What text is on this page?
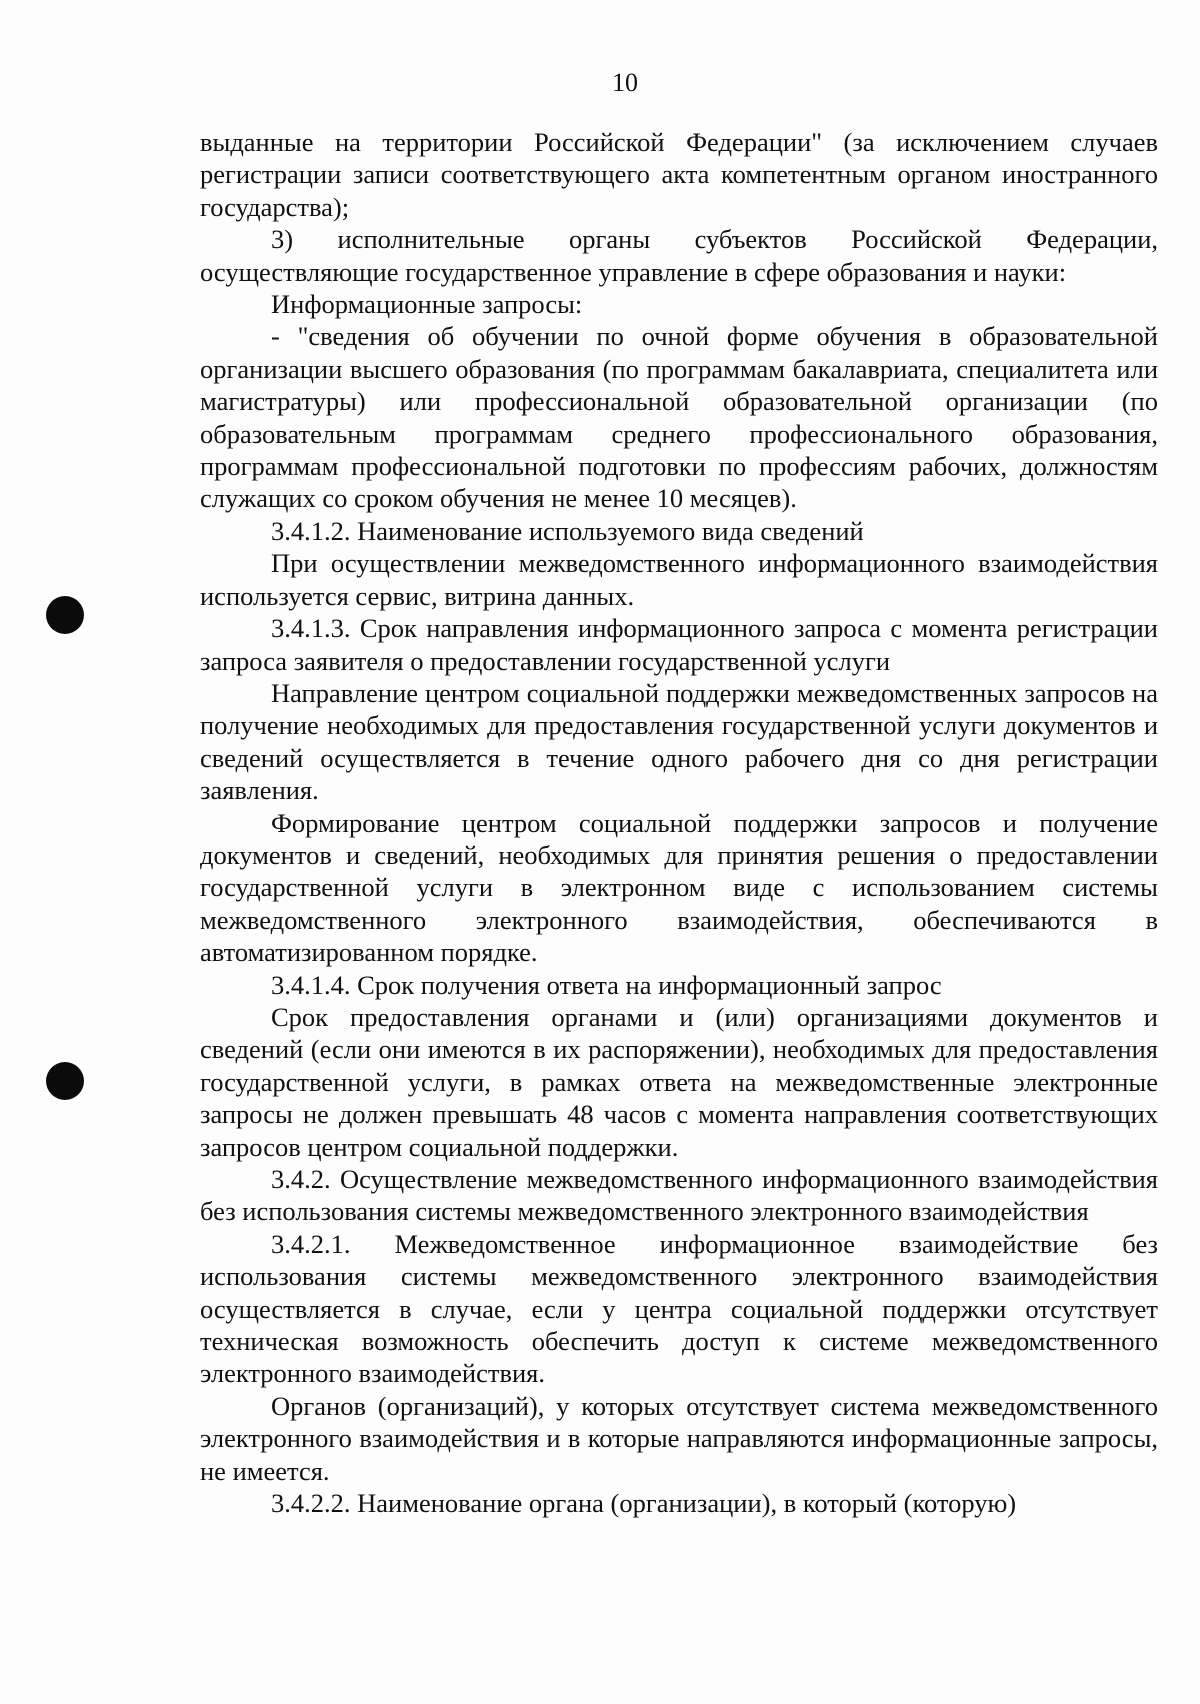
10

выданные на территории Российской Федерации" (за исключением случаев регистрации записи соответствующего акта компетентным органом иностранного государства);

3) исполнительные органы субъектов Российской Федерации, осуществляющие государственное управление в сфере образования и науки:

Информационные запросы:

- "сведения об обучении по очной форме обучения в образовательной организации высшего образования (по программам бакалавриата, специалитета или магистратуры) или профессиональной образовательной организации (по образовательным программам среднего профессионального образования, программам профессиональной подготовки по профессиям рабочих, должностям служащих со сроком обучения не менее 10 месяцев).

3.4.1.2. Наименование используемого вида сведений

При осуществлении межведомственного информационного взаимодействия используется сервис, витрина данных.

3.4.1.3. Срок направления информационного запроса с момента регистрации запроса заявителя о предоставлении государственной услуги

Направление центром социальной поддержки межведомственных запросов на получение необходимых для предоставления государственной услуги документов и сведений осуществляется в течение одного рабочего дня со дня регистрации заявления.

Формирование центром социальной поддержки запросов и получение документов и сведений, необходимых для принятия решения о предоставлении государственной услуги в электронном виде с использованием системы межведомственного электронного взаимодействия, обеспечиваются в автоматизированном порядке.

3.4.1.4. Срок получения ответа на информационный запрос

Срок предоставления органами и (или) организациями документов и сведений (если они имеются в их распоряжении), необходимых для предоставления государственной услуги, в рамках ответа на межведомственные электронные запросы не должен превышать 48 часов с момента направления соответствующих запросов центром социальной поддержки.

3.4.2. Осуществление межведомственного информационного взаимодействия без использования системы межведомственного электронного взаимодействия

3.4.2.1. Межведомственное информационное взаимодействие без использования системы межведомственного электронного взаимодействия осуществляется в случае, если у центра социальной поддержки отсутствует техническая возможность обеспечить доступ к системе межведомственного электронного взаимодействия.

Органов (организаций), у которых отсутствует система межведомственного электронного взаимодействия и в которые направляются информационные запросы, не имеется.

3.4.2.2. Наименование органа (организации), в который (которую)
